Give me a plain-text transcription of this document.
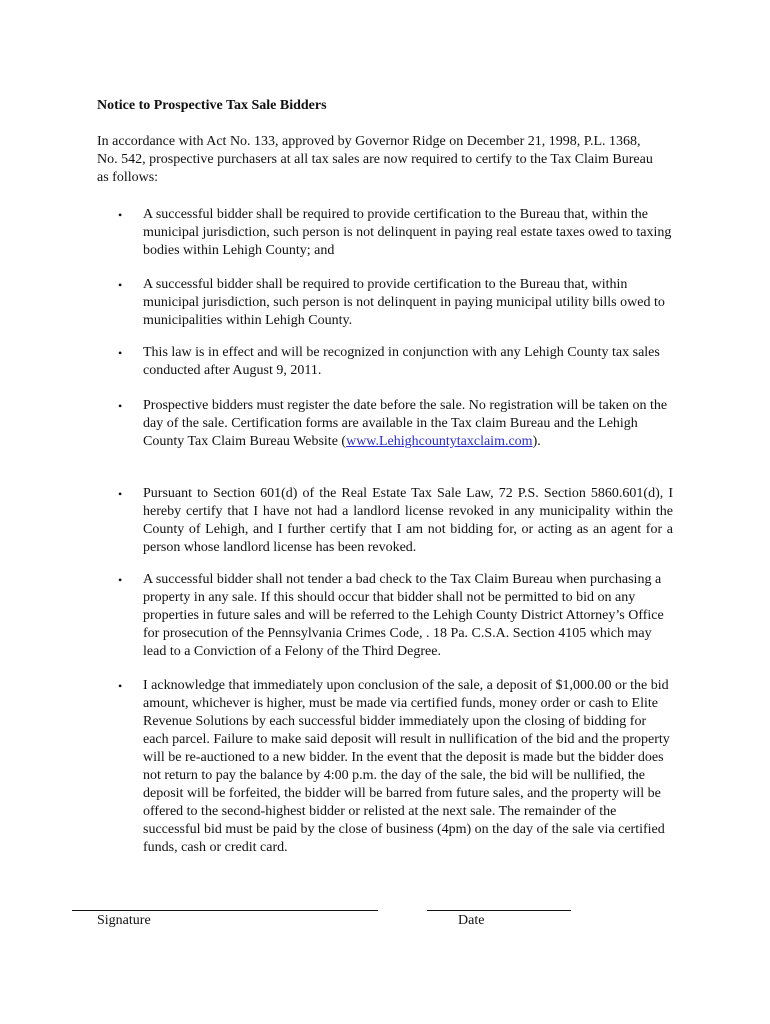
Notice to Prospective Tax Sale Bidders

In accordance with Act No. 133, approved by Governor Ridge on December 21, 1998, P.L. 1368, No. 542, prospective purchasers at all tax sales are now required to certify to the Tax Claim Bureau as follows:

• A successful bidder shall be required to provide certification to the Bureau that, within the municipal jurisdiction, such person is not delinquent in paying real estate taxes owed to taxing bodies within Lehigh County; and

• A successful bidder shall be required to provide certification to the Bureau that, within municipal jurisdiction, such person is not delinquent in paying municipal utility bills owed to municipalities within Lehigh County.

• This law is in effect and will be recognized in conjunction with any Lehigh County tax sales conducted after August 9, 2011.

• Prospective bidders must register the date before the sale. No registration will be taken on the day of the sale. Certification forms are available in the Tax claim Bureau and the Lehigh County Tax Claim Bureau Website (www.Lehighcountytaxclaim.com).

• Pursuant to Section 601(d) of the Real Estate Tax Sale Law, 72 P.S. Section 5860.601(d), I hereby certify that I have not had a landlord license revoked in any municipality within the County of Lehigh, and I further certify that I am not bidding for, or acting as an agent for a person whose landlord license has been revoked.

• A successful bidder shall not tender a bad check to the Tax Claim Bureau when purchasing a property in any sale. If this should occur that bidder shall not be permitted to bid on any properties in future sales and will be referred to the Lehigh County District Attorney’s Office for prosecution of the Pennsylvania Crimes Code, . 18 Pa. C.S.A. Section 4105 which may lead to a Conviction of a Felony of the Third Degree.

• I acknowledge that immediately upon conclusion of the sale, a deposit of $1,000.00 or the bid amount, whichever is higher, must be made via certified funds, money order or cash to Elite Revenue Solutions by each successful bidder immediately upon the closing of bidding for each parcel. Failure to make said deposit will result in nullification of the bid and the property will be re-auctioned to a new bidder. In the event that the deposit is made but the bidder does not return to pay the balance by 4:00 p.m. the day of the sale, the bid will be nullified, the deposit will be forfeited, the bidder will be barred from future sales, and the property will be offered to the second-highest bidder or relisted at the next sale. The remainder of the successful bid must be paid by the close of business (4pm) on the day of the sale via certified funds, cash or credit card.

Signature	Date
